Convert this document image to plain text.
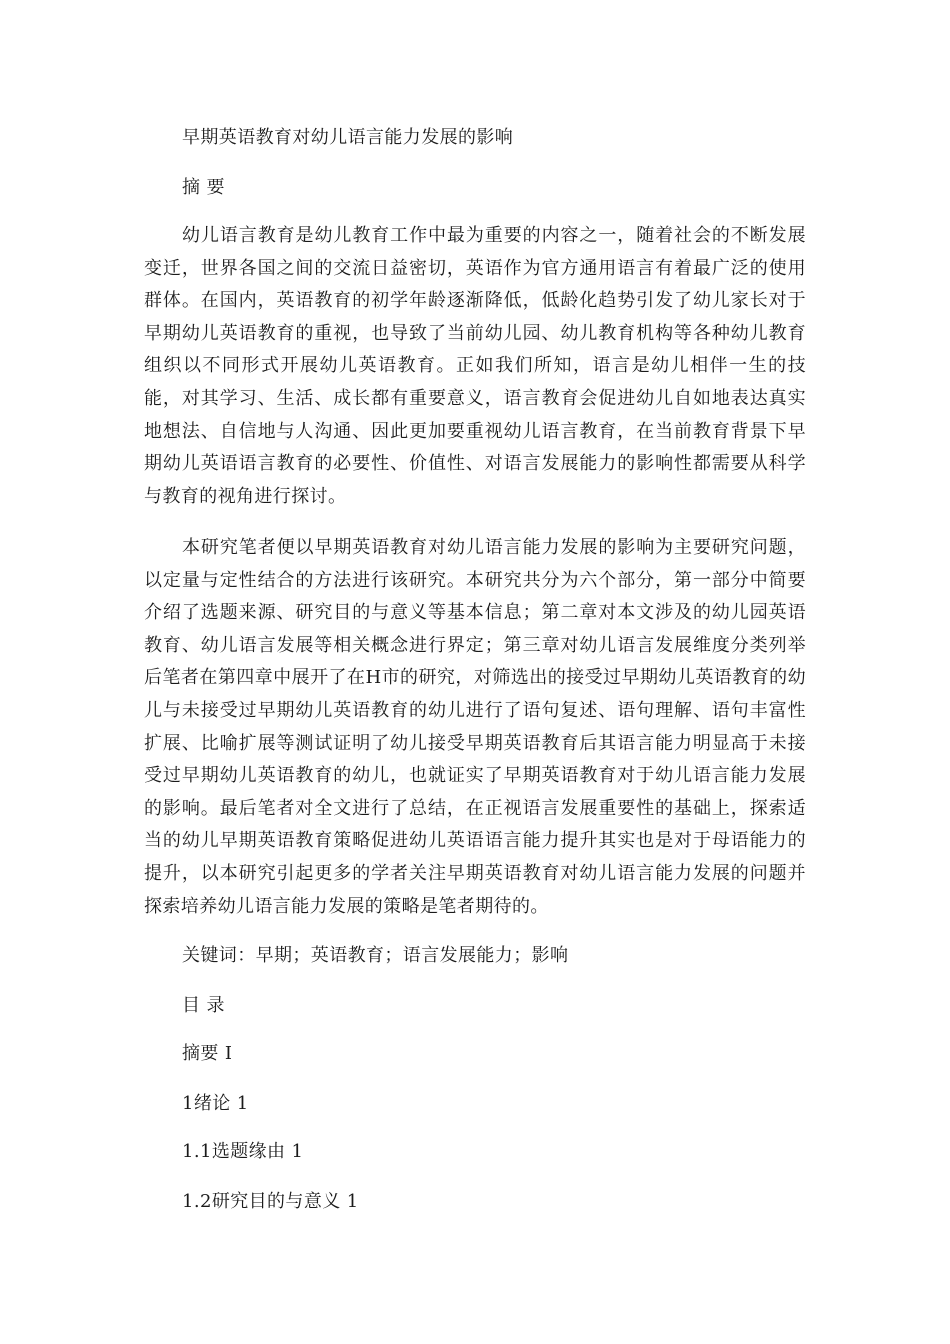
早期英语教育对幼儿语言能力发展的影响
摘 要
幼儿语言教育是幼儿教育工作中最为重要的内容之一，随着社会的不断发展变迁，世界各国之间的交流日益密切，英语作为官方通用语言有着最广泛的使用群体。在国内，英语教育的初学年龄逐渐降低，低龄化趋势引发了幼儿家长对于早期幼儿英语教育的重视，也导致了当前幼儿园、幼儿教育机构等各种幼儿教育组织以不同形式开展幼儿英语教育。正如我们所知，语言是幼儿相伴一生的技能，对其学习、生活、成长都有重要意义，语言教育会促进幼儿自如地表达真实地想法、自信地与人沟通、因此更加要重视幼儿语言教育，在当前教育背景下早期幼儿英语语言教育的必要性、价值性、对语言发展能力的影响性都需要从科学与教育的视角进行探讨。
本研究笔者便以早期英语教育对幼儿语言能力发展的影响为主要研究问题，以定量与定性结合的方法进行该研究。本研究共分为六个部分，第一部分中简要介绍了选题来源、研究目的与意义等基本信息；第二章对本文涉及的幼儿园英语教育、幼儿语言发展等相关概念进行界定；第三章对幼儿语言发展维度分类列举后笔者在第四章中展开了在H市的研究，对筛选出的接受过早期幼儿英语教育的幼儿与未接受过早期幼儿英语教育的幼儿进行了语句复述、语句理解、语句丰富性扩展、比喻扩展等测试证明了幼儿接受早期英语教育后其语言能力明显高于未接受过早期幼儿英语教育的幼儿，也就证实了早期英语教育对于幼儿语言能力发展的影响。最后笔者对全文进行了总结，在正视语言发展重要性的基础上，探索适当的幼儿早期英语教育策略促进幼儿英语语言能力提升其实也是对于母语能力的提升，以本研究引起更多的学者关注早期英语教育对幼儿语言能力发展的问题并探索培养幼儿语言能力发展的策略是笔者期待的。
关键词：早期；英语教育；语言发展能力；影响
目 录
摘要 I
1绪论 1
1.1选题缘由 1
1.2研究目的与意义 1
